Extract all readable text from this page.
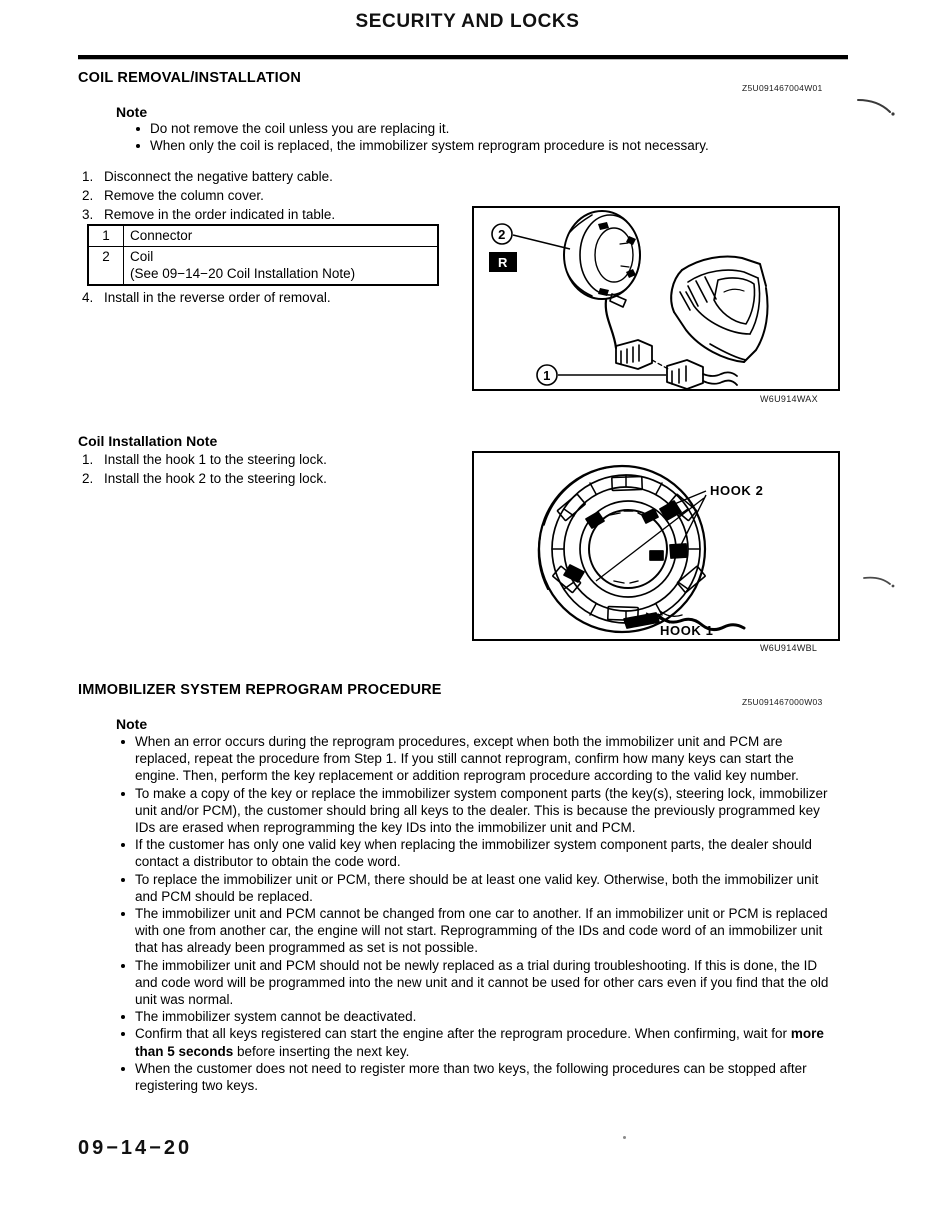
SECURITY AND LOCKS
COIL REMOVAL/INSTALLATION
Z5U091467004W01
Note
Do not remove the coil unless you are replacing it.
When only the coil is replaced, the immobilizer system reprogram procedure is not necessary.
1. Disconnect the negative battery cable.
2. Remove the column cover.
3. Remove in the order indicated in table.
1	Connector
2	Coil
(See 09−14−20 Coil Installation Note)
4. Install in the reverse order of removal.
2
R
1
W6U914WAX
Coil Installation Note
1. Install the hook 1 to the steering lock.
2. Install the hook 2 to the steering lock.
HOOK 2
HOOK 1
W6U914WBL
IMMOBILIZER SYSTEM REPROGRAM PROCEDURE
Z5U091467000W03
Note
When an error occurs during the reprogram procedures, except when both the immobilizer unit and PCM are replaced, repeat the procedure from Step 1. If you still cannot reprogram, confirm how many keys can start the engine. Then, perform the key replacement or addition reprogram procedure according to the valid key number.
To make a copy of the key or replace the immobilizer system component parts (the key(s), steering lock, immobilizer unit and/or PCM), the customer should bring all keys to the dealer. This is because the previously programmed key IDs are erased when reprogramming the key IDs into the immobilizer unit and PCM.
If the customer has only one valid key when replacing the immobilizer system component parts, the dealer should contact a distributor to obtain the code word.
To replace the immobilizer unit or PCM, there should be at least one valid key. Otherwise, both the immobilizer unit and PCM should be replaced.
The immobilizer unit and PCM cannot be changed from one car to another. If an immobilizer unit or PCM is replaced with one from another car, the engine will not start. Reprogramming of the IDs and code word of an immobilizer unit that has already been programmed as set is not possible.
The immobilizer unit and PCM should not be newly replaced as a trial during troubleshooting. If this is done, the ID and code word will be programmed into the new unit and it cannot be used for other cars even if you find that the old unit was normal.
The immobilizer system cannot be deactivated.
Confirm that all keys registered can start the engine after the reprogram procedure. When confirming, wait for more than 5 seconds before inserting the next key.
When the customer does not need to register more than two keys, the following procedures can be stopped after registering two keys.
09−14−20
